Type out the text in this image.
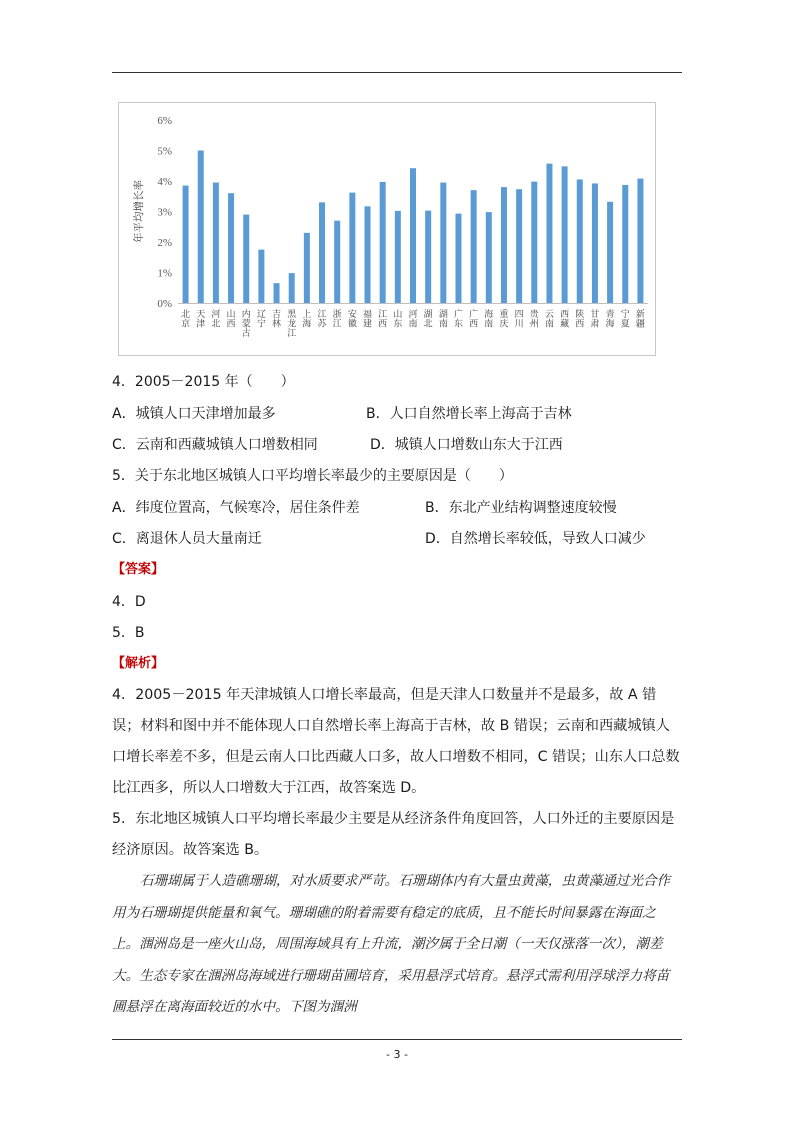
0%
1%
2%
3%
4%
5%
6%
北京
天津
河北
山西
内蒙古
辽宁
吉林
黑龙江
上海
江苏
浙江
安徽
福建
江西
山东
河南
湖北
湖南
广东
广西
海南
重庆
四川
贵州
云南
西藏
陕西
甘肃
青海
宁夏
新疆
年平均增长率
4．2005－2015 年（　　）
A．城镇人口天津增加最多	B．人口自然增长率上海高于吉林
C．云南和西藏城镇人口增数相同	D．城镇人口增数山东大于江西
5．关于东北地区城镇人口平均增长率最少的主要原因是（　　）
A．纬度位置高，气候寒冷，居住条件差	B．东北产业结构调整速度较慢
C．离退休人员大量南迁	D．自然增长率较低，导致人口减少
【答案】
4．D
5．B
【解析】
4．2005－2015 年天津城镇人口增长率最高，但是天津人口数量并不是最多，故 A 错误；材料和图中并不能体现人口自然增长率上海高于吉林，故 B 错误；云南和西藏城镇人口增长率差不多，但是云南人口比西藏人口多，故人口增数不相同，C 错误；山东人口总数比江西多，所以人口增数大于江西，故答案选 D。
5．东北地区城镇人口平均增长率最少主要是从经济条件角度回答，人口外迁的主要原因是经济原因。故答案选 B。
石珊瑚属于人造礁珊瑚，对水质要求严苛。石珊瑚体内有大量虫黄藻，虫黄藻通过光合作用为石珊瑚提供能量和氧气。珊瑚礁的附着需要有稳定的底质，且不能长时间暴露在海面之上。涠洲岛是一座火山岛，周围海域具有上升流，潮汐属于全日潮（一天仅涨落一次），潮差大。生态专家在涠洲岛海域进行珊瑚苗圃培育，采用悬浮式培育。悬浮式需利用浮球浮力将苗圃悬浮在离海面较近的水中。下图为涠洲
- 3 -
